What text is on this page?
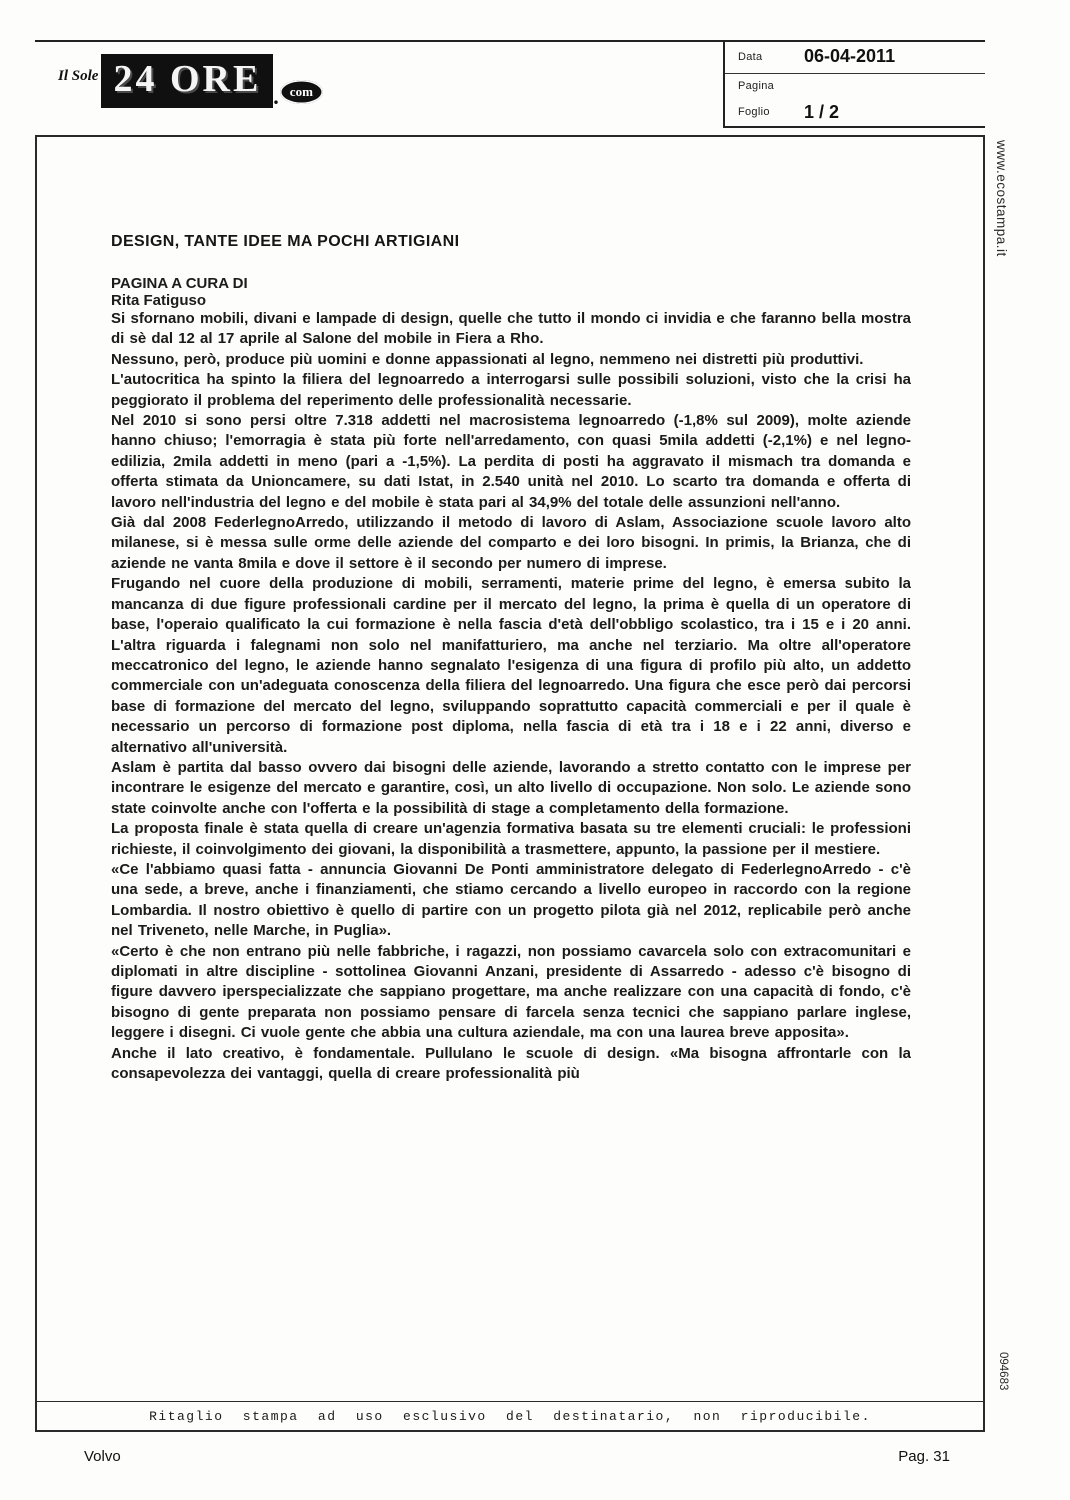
Il Sole 24 ORE . com
Data	06-04-2011
Pagina
Foglio	1 / 2
DESIGN, TANTE IDEE MA POCHI ARTIGIANI
PAGINA A CURA DI
Rita Fatiguso

Si sfornano mobili, divani e lampade di design, quelle che tutto il mondo ci invidia e che faranno bella mostra di sè dal 12 al 17 aprile al Salone del mobile in Fiera a Rho.

Nessuno, però, produce più uomini e donne appassionati al legno, nemmeno nei distretti più produttivi.

L'autocritica ha spinto la filiera del legnoarredo a interrogarsi sulle possibili soluzioni, visto che la crisi ha peggiorato il problema del reperimento delle professionalità necessarie.

Nel 2010 si sono persi oltre 7.318 addetti nel macrosistema legnoarredo (-1,8% sul 2009), molte aziende hanno chiuso; l'emorragia è stata più forte nell'arredamento, con quasi 5mila addetti (-2,1%) e nel legno-edilizia, 2mila addetti in meno (pari a -1,5%). La perdita di posti ha aggravato il mismach tra domanda e offerta stimata da Unioncamere, su dati Istat, in 2.540 unità nel 2010. Lo scarto tra domanda e offerta di lavoro nell'industria del legno e del mobile è stata pari al 34,9% del totale delle assunzioni nell'anno.

Già dal 2008 FederlegnoArredo, utilizzando il metodo di lavoro di Aslam, Associazione scuole lavoro alto milanese, si è messa sulle orme delle aziende del comparto e dei loro bisogni. In primis, la Brianza, che di aziende ne vanta 8mila e dove il settore è il secondo per numero di imprese.

Frugando nel cuore della produzione di mobili, serramenti, materie prime del legno, è emersa subito la mancanza di due figure professionali cardine per il mercato del legno, la prima è quella di un operatore di base, l'operaio qualificato la cui formazione è nella fascia d'età dell'obbligo scolastico, tra i 15 e i 20 anni. L'altra riguarda i falegnami non solo nel manifatturiero, ma anche nel terziario. Ma oltre all'operatore meccatronico del legno, le aziende hanno segnalato l'esigenza di una figura di profilo più alto, un addetto commerciale con un'adeguata conoscenza della filiera del legnoarredo. Una figura che esce però dai percorsi base di formazione del mercato del legno, sviluppando soprattutto capacità commerciali e per il quale è necessario un percorso di formazione post diploma, nella fascia di età tra i 18 e i 22 anni, diverso e alternativo all'università.

Aslam è partita dal basso ovvero dai bisogni delle aziende, lavorando a stretto contatto con le imprese per incontrare le esigenze del mercato e garantire, così, un alto livello di occupazione. Non solo. Le aziende sono state coinvolte anche con l'offerta e la possibilità di stage a completamento della formazione.

La proposta finale è stata quella di creare un'agenzia formativa basata su tre elementi cruciali: le professioni richieste, il coinvolgimento dei giovani, la disponibilità a trasmettere, appunto, la passione per il mestiere.

«Ce l'abbiamo quasi fatta - annuncia Giovanni De Ponti amministratore delegato di FederlegnoArredo - c'è una sede, a breve, anche i finanziamenti, che stiamo cercando a livello europeo in raccordo con la regione Lombardia. Il nostro obiettivo è quello di partire con un progetto pilota già nel 2012, replicabile però anche nel Triveneto, nelle Marche, in Puglia».

«Certo è che non entrano più nelle fabbriche, i ragazzi, non possiamo cavarcela solo con extracomunitari e diplomati in altre discipline - sottolinea Giovanni Anzani, presidente di Assarredo - adesso c'è bisogno di figure davvero iperspecializzate che sappiano progettare, ma anche realizzare con una capacità di fondo, c'è bisogno di gente preparata non possiamo pensare di farcela senza tecnici che sappiano parlare inglese, leggere i disegni. Ci vuole gente che abbia una cultura aziendale, ma con una laurea breve apposita».

Anche il lato creativo, è fondamentale. Pullulano le scuole di design. «Ma bisogna affrontarle con la consapevolezza dei vantaggi, quella di creare professionalità più

Ritaglio stampa ad uso esclusivo del destinatario, non riproducibile.
www.ecostampa.it
094683
Volvo	Pag. 31
